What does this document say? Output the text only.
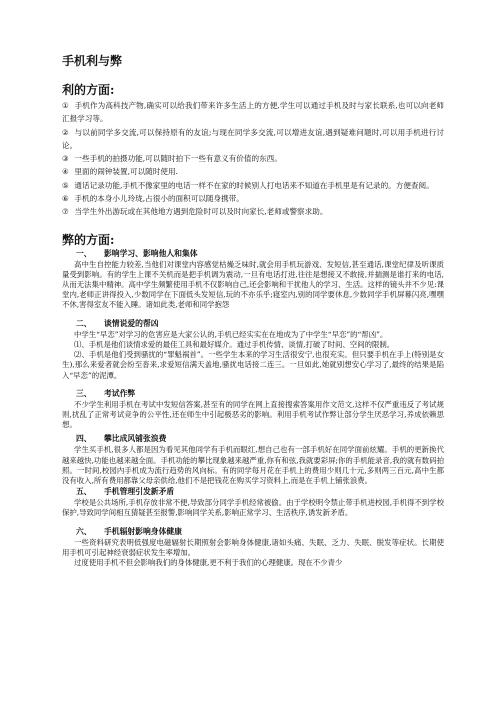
手机利与弊
利的方面:
① 手机作为高科技产物,确实可以给我们带来许多生活上的方便,学生可以通过手机及时与家长联系,也可以向老师汇报学习等。
② 与以前同学多交流,可以保持原有的友谊;与现在同学多交流,可以增进友谊,遇到疑难问题时,可以用手机进行讨论。
③ 一些手机的拍摄功能,可以随时拍下一些有意义有价值的东西。
④ 里面的闹钟装置,可以随时使用.
⑤ 通话记录功能,手机不像家里的电话一样不在家的时候别人打电话来不知道在手机里是有记录的。方便查阅。
⑥ 手机的本身小儿玲珑,占很小的面积可以随身携带。
⑦ 当学生外出游玩或在其他地方遇到危险时可以及时向家长,老师或警察求助。
弊的方面:
一、 影响学习、影响他人和集体

高中生自控能力较差,当他们对课堂内容感觉枯燥乏味时,就会用手机玩游戏、发短信,甚至通话,课堂纪律及听课质量受到影响。有的学生上课不关机而是把手机调为震动,一旦有电话打进,往往是想接又不敢接,并揣测是谁打来的电话,从而无法集中精神。高中学生频繁使用手机不仅影响自己,还会影响和干扰他人的学习、生活。这样的镜头并不少见:课堂内,老师正讲得投入,少数同学在下面低头发短信,玩的不亦乐乎;寝室内,别的同学要休息,少数同学手机屏幕闪亮,嘿嘿不休,害得室友不能入睡。诸如此类,老师和同学抱怨

二、 谈情说爱的帮凶

中学生“早恋”对学习的危害应是大家公认的,手机已经实实在在地成为了中学生“早恋”的“帮凶”。

⑴、手机是他们谈情求爱的最佳工具和最好媒介。通过手机传情、谈情,打破了时间、空间的限制。

⑵、手机是他们受到骚扰的“罪魁祸首”。一些学生本来的学习生活很安宁,也很充实。但只要手机在手上(特别是女生),那么来爱者就会纷至沓来,求爱短信满天盖地,骚扰电话接二连三。一旦如此,她就别想安心学习了,最终的结果是陷入“早恋”的泥潭。

三、 考试作弊

不少学生利用手机在考试中发短信答案,甚至有的同学在网上直接搜索答案用作文范文,这样不仅严重违反了考试规则,扰乱了正常考试竞争的公平性,还在师生中引起极恶劣的影响。利用手机考试作弊让部分学生厌恶学习,养成依赖思想。

四、 攀比成风铺张浪费

学生买手机,很多人都是因为看见其他同学有手机而眼红,想自己也有一部手机好在同学面前炫耀。手机的更新换代越来越快,功能也越来越全面。手机功能的攀比现象越来越严重,你有和弦,我就要彩屏;你的手机能录音,我的就有数码拍照。一时间,校园内手机成为流行趋势的风向标。有的同学每月花在手机上的费用少则几十元,多则两三百元,高中生都没有收入,所有费用都靠父母亲供给,他们不是把钱花在购买学习资料上,而是在手机上铺张浪费。

五、 手机管理引发新矛盾

学校是公共场所,手机存放非常不便,导致部分同学手机经常被偷。由于学校明令禁止带手机进校园,手机得不到学校保护,导致同学间相互猜疑甚至报警,影响同学关系,影响正常学习、生活秩序,诱发新矛盾。

六、 手机辐射影响身体健康

一些资料研究表明低强度电磁辐射长期照射会影响身体健康,诸如头痛、失眠、乏力、失眠、脱发等症状。长期使用手机可引起神经衰弱症状发生率增加。

过度使用手机不但会影响我们的身体健康,更不利于我们的心理健康。现在不少青少
